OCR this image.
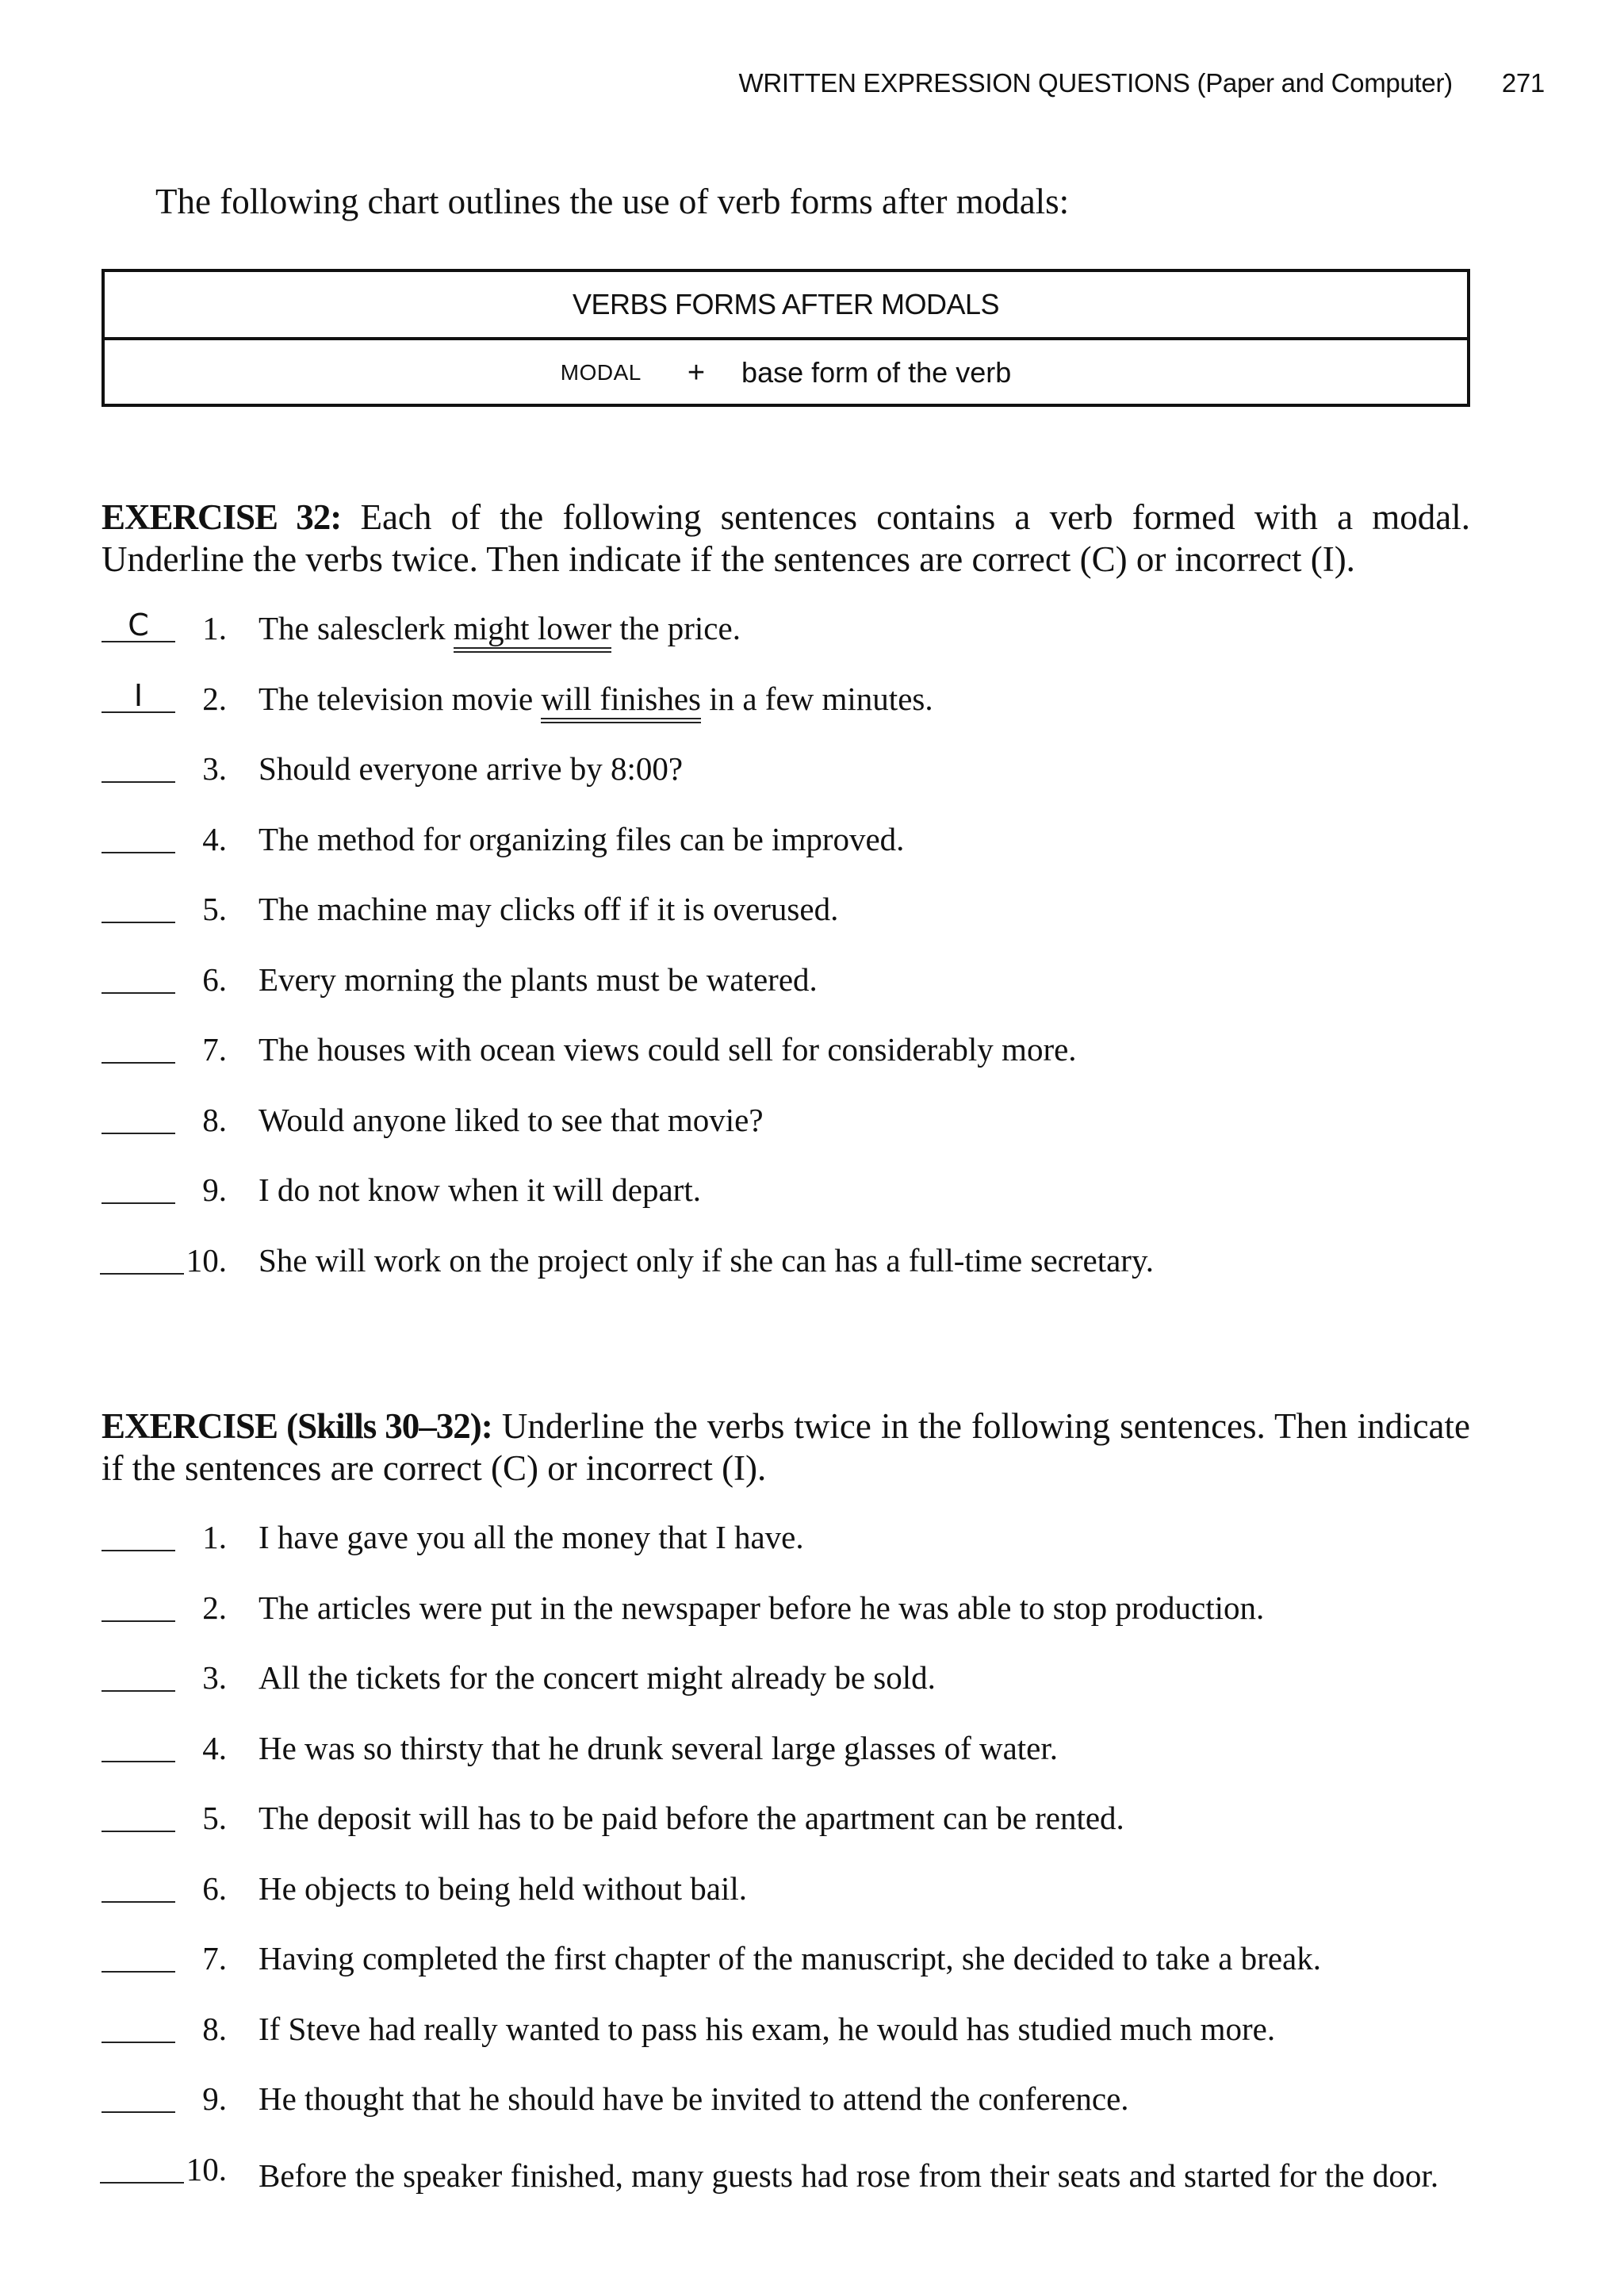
WRITTEN EXPRESSION QUESTIONS (Paper and Computer) 271
The following chart outlines the use of verb forms after modals:
VERBS FORMS AFTER MODALS
MODAL + base form of the verb
EXERCISE 32: Each of the following sentences contains a verb formed with a modal. Underline the verbs twice. Then indicate if the sentences are correct (C) or incorrect (I).
C	1. The salesclerk might lower the price.
I	2. The television movie will finishes in a few minutes.
3. Should everyone arrive by 8:00?
4. The method for organizing files can be improved.
5. The machine may clicks off if it is overused.
6. Every morning the plants must be watered.
7. The houses with ocean views could sell for considerably more.
8. Would anyone liked to see that movie?
9. I do not know when it will depart.
10. She will work on the project only if she can has a full-time secretary.
EXERCISE (Skills 30–32): Underline the verbs twice in the following sentences. Then indicate if the sentences are correct (C) or incorrect (I).
1. I have gave you all the money that I have.
2. The articles were put in the newspaper before he was able to stop production.
3. All the tickets for the concert might already be sold.
4. He was so thirsty that he drunk several large glasses of water.
5. The deposit will has to be paid before the apartment can be rented.
6. He objects to being held without bail.
7. Having completed the first chapter of the manuscript, she decided to take a break.
8. If Steve had really wanted to pass his exam, he would has studied much more.
9. He thought that he should have be invited to attend the conference.
10. Before the speaker finished, many guests had rose from their seats and started for the door.
